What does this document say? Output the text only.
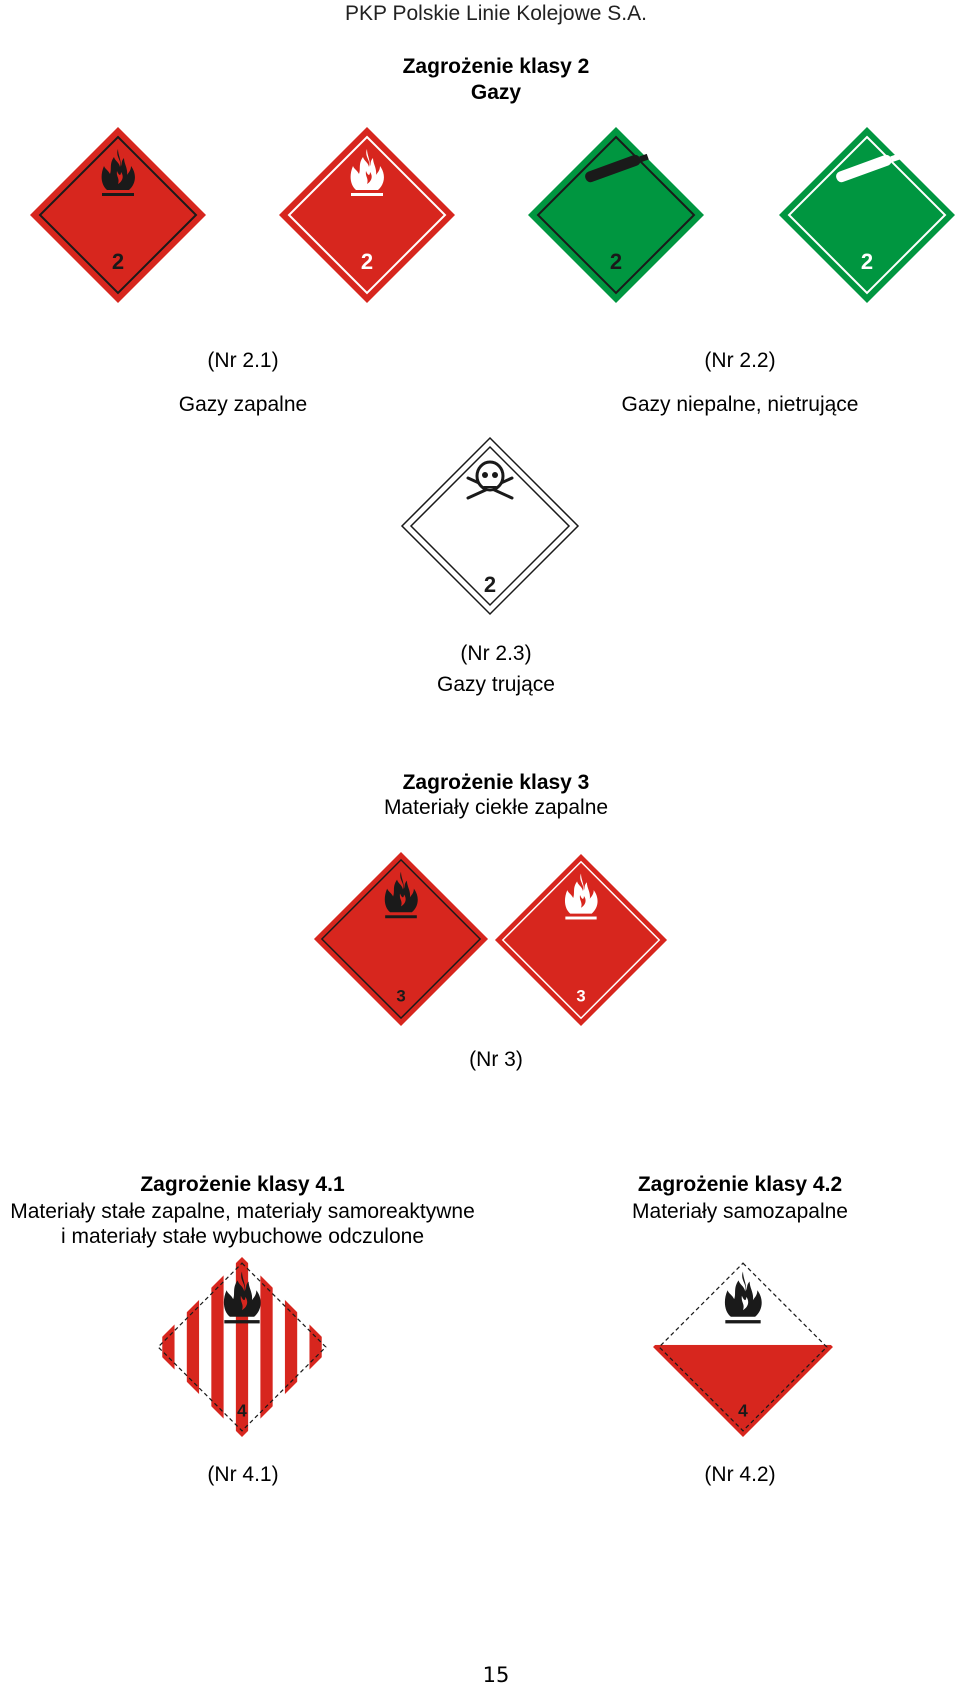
PKP Polskie Linie Kolejowe S.A.
Zagrożenie klasy 2
Gazy
2	2	2	2
(Nr 2.1)
Gazy zapalne
(Nr 2.2)
Gazy niepalne, nietrujące
2
(Nr 2.3)
Gazy trujące
Zagrożenie klasy 3
Materiały ciekłe zapalne
3	3
(Nr 3)
Zagrożenie klasy 4.1
Materiały stałe zapalne, materiały samoreaktywne
i materiały stałe wybuchowe odczulone
Zagrożenie klasy 4.2
Materiały samozapalne
4	4
(Nr 4.1)	(Nr 4.2)
15
